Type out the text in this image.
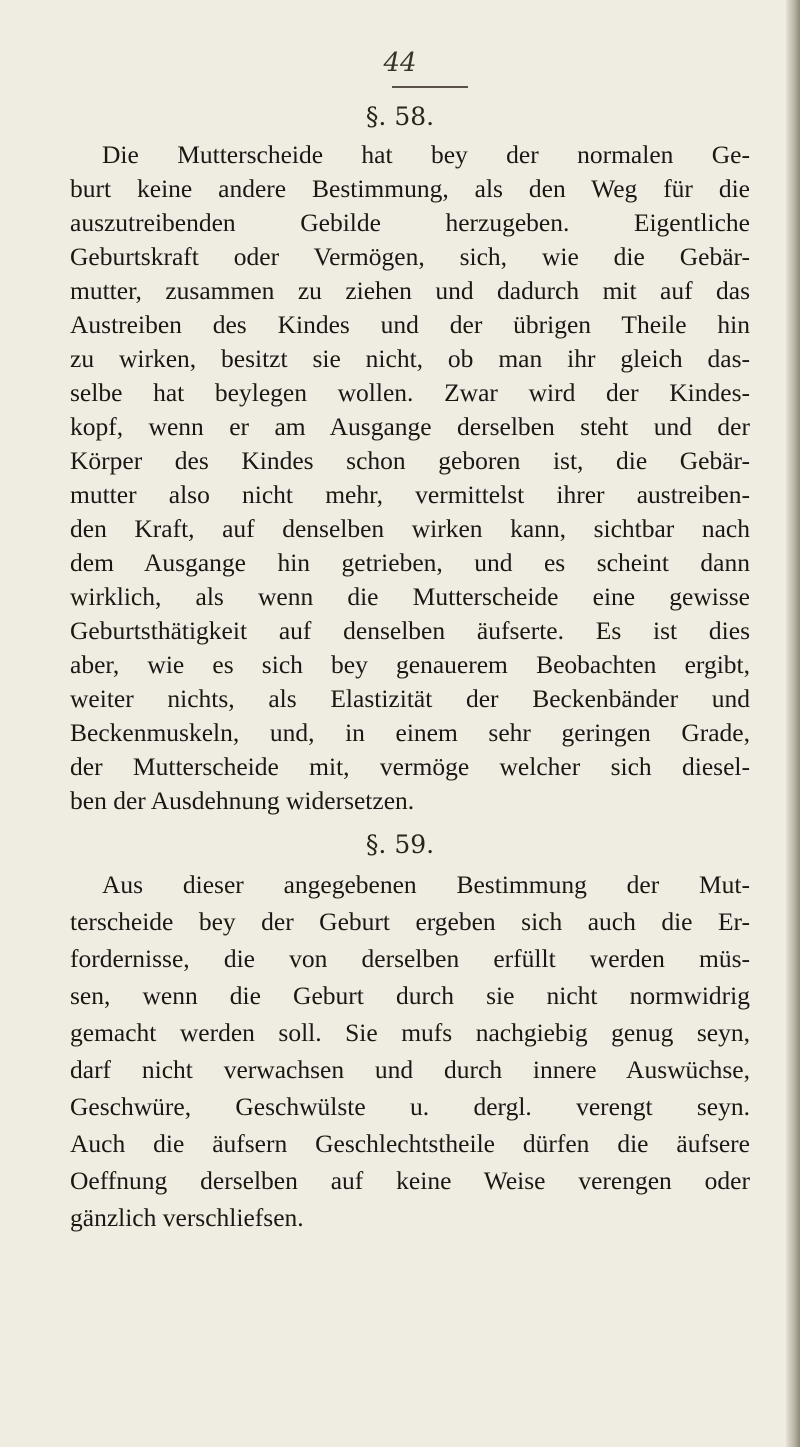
44
§. 58.
Die Mutterscheide hat bey der normalen Ge-
burt keine andere Bestimmung, als den Weg für die
auszutreibenden Gebilde herzugeben. Eigentliche
Geburtskraft oder Vermögen, sich, wie die Gebär-
mutter, zusammen zu ziehen und dadurch mit auf das
Austreiben des Kindes und der übrigen Theile hin
zu wirken, besitzt sie nicht, ob man ihr gleich das-
selbe hat beylegen wollen. Zwar wird der Kindes-
kopf, wenn er am Ausgange derselben steht und der
Körper des Kindes schon geboren ist, die Gebär-
mutter also nicht mehr, vermittelst ihrer austreiben-
den Kraft, auf denselben wirken kann, sichtbar nach
dem Ausgange hin getrieben, und es scheint dann
wirklich, als wenn die Mutterscheide eine gewisse
Geburtsthätigkeit auf denselben äufserte. Es ist dies
aber, wie es sich bey genauerem Beobachten ergibt,
weiter nichts, als Elastizität der Beckenbänder und
Beckenmuskeln, und, in einem sehr geringen Grade,
der Mutterscheide mit, vermöge welcher sich diesel-
ben der Ausdehnung widersetzen.
§. 59.
Aus dieser angegebenen Bestimmung der Mut-
terscheide bey der Geburt ergeben sich auch die Er-
fordernisse, die von derselben erfüllt werden müs-
sen, wenn die Geburt durch sie nicht normwidrig
gemacht werden soll. Sie mufs nachgiebig genug seyn,
darf nicht verwachsen und durch innere Auswüchse,
Geschwüre, Geschwülste u. dergl. verengt seyn.
Auch die äufsern Geschlechtstheile dürfen die äufsere
Oeffnung derselben auf keine Weise verengen oder
gänzlich verschliefsen.
